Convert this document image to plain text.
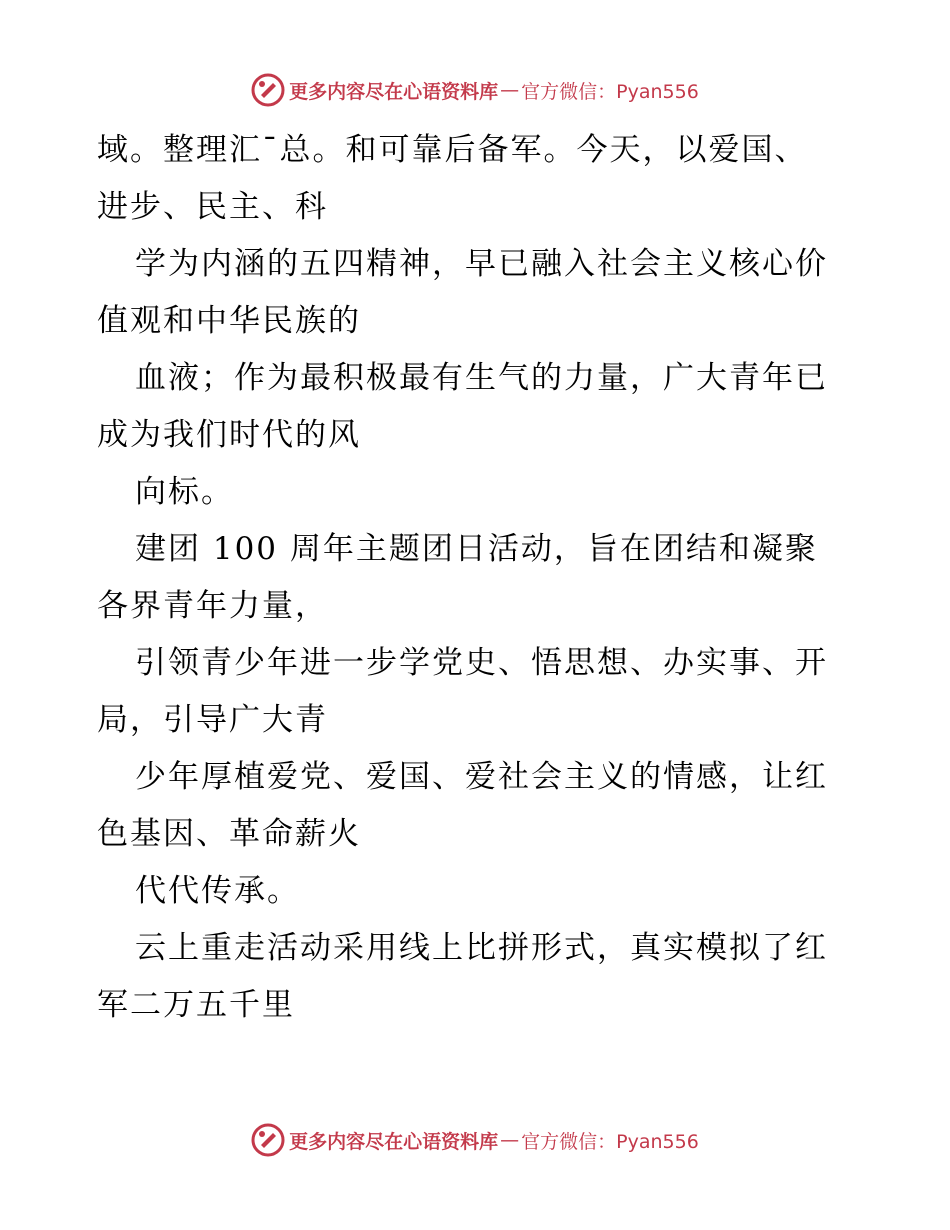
更多内容尽在心语资料库 — 官方微信：Pyan556
域。整理汇¯总。和可靠后备军。今天，以爱国、
进步、民主、科
学为内涵的五四精神，早已融入社会主义核心价
值观和中华民族的
血液；作为最积极最有生气的力量，广大青年已
成为我们时代的风
向标。
建团 100 周年主题团日活动，旨在团结和凝聚
各界青年力量，
引领青少年进一步学党史、悟思想、办实事、开
局，引导广大青
少年厚植爱党、爱国、爱社会主义的情感，让红
色基因、革命薪火
代代传承。
云上重走活动采用线上比拼形式，真实模拟了红
军二万五千里
更多内容尽在心语资料库 — 官方微信：Pyan556
